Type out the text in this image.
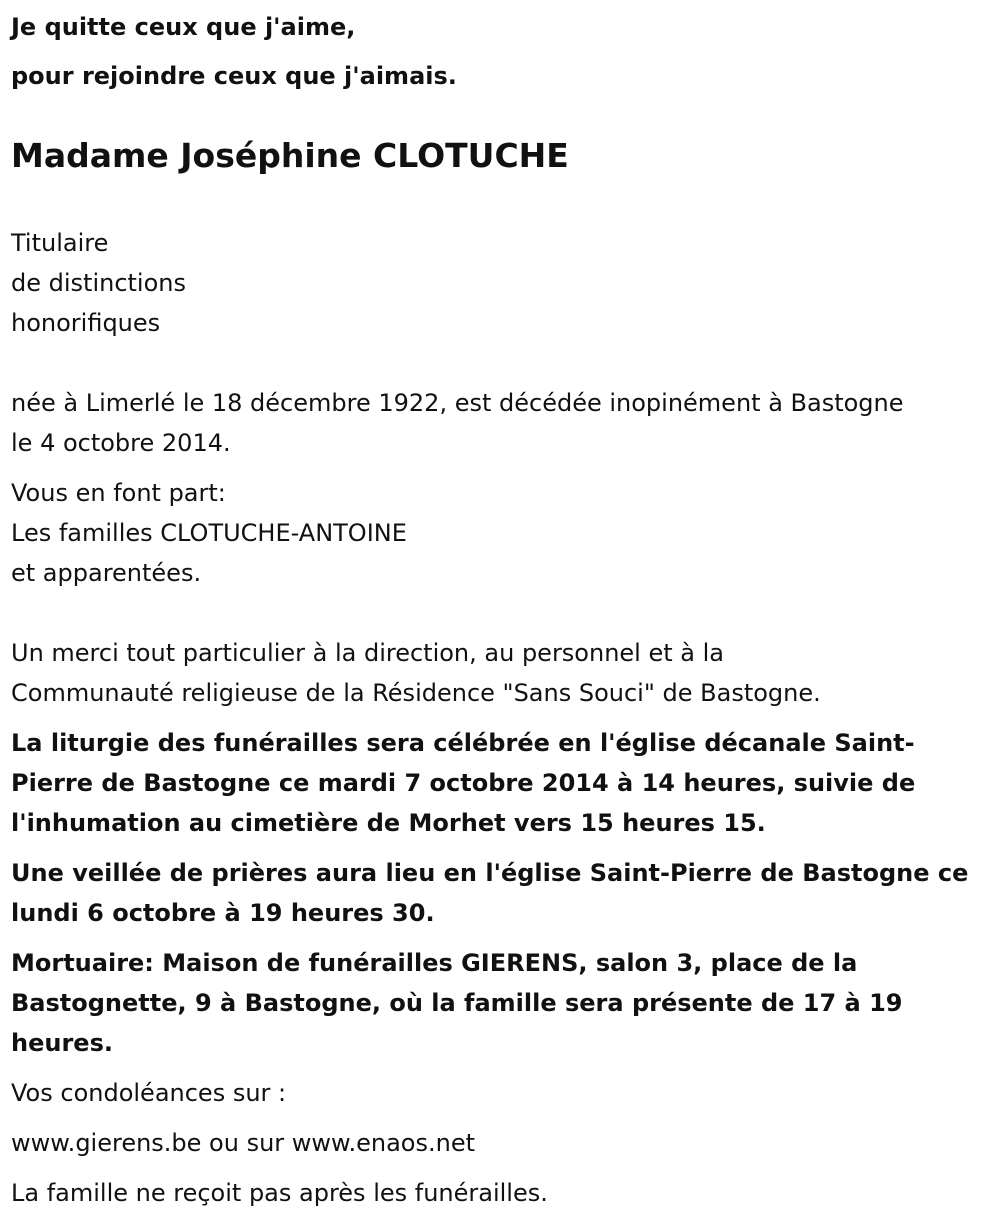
Je quitte ceux que j'aime,
pour rejoindre ceux que j'aimais.
Madame Joséphine CLOTUCHE
Titulaire
de distinctions
honorifiques
née à Limerlé le 18 décembre 1922, est décédée inopinément à Bastogne
le 4 octobre 2014.
Vous en font part:
Les familles CLOTUCHE-ANTOINE
et apparentées.
Un merci tout particulier à la direction, au personnel et à la
Communauté religieuse de la Résidence "Sans Souci" de Bastogne.
La liturgie des funérailles sera célébrée en l'église décanale Saint-
Pierre de Bastogne ce mardi 7 octobre 2014 à 14 heures, suivie de
l'inhumation au cimetière de Morhet vers 15 heures 15.
Une veillée de prières aura lieu en l'église Saint-Pierre de Bastogne ce
lundi 6 octobre à 19 heures 30.
Mortuaire: Maison de funérailles GIERENS, salon 3, place de la
Bastognette, 9 à Bastogne, où la famille sera présente de 17 à 19
heures.
Vos condoléances sur :
www.gierens.be ou sur www.enaos.net
La famille ne reçoit pas après les funérailles.
